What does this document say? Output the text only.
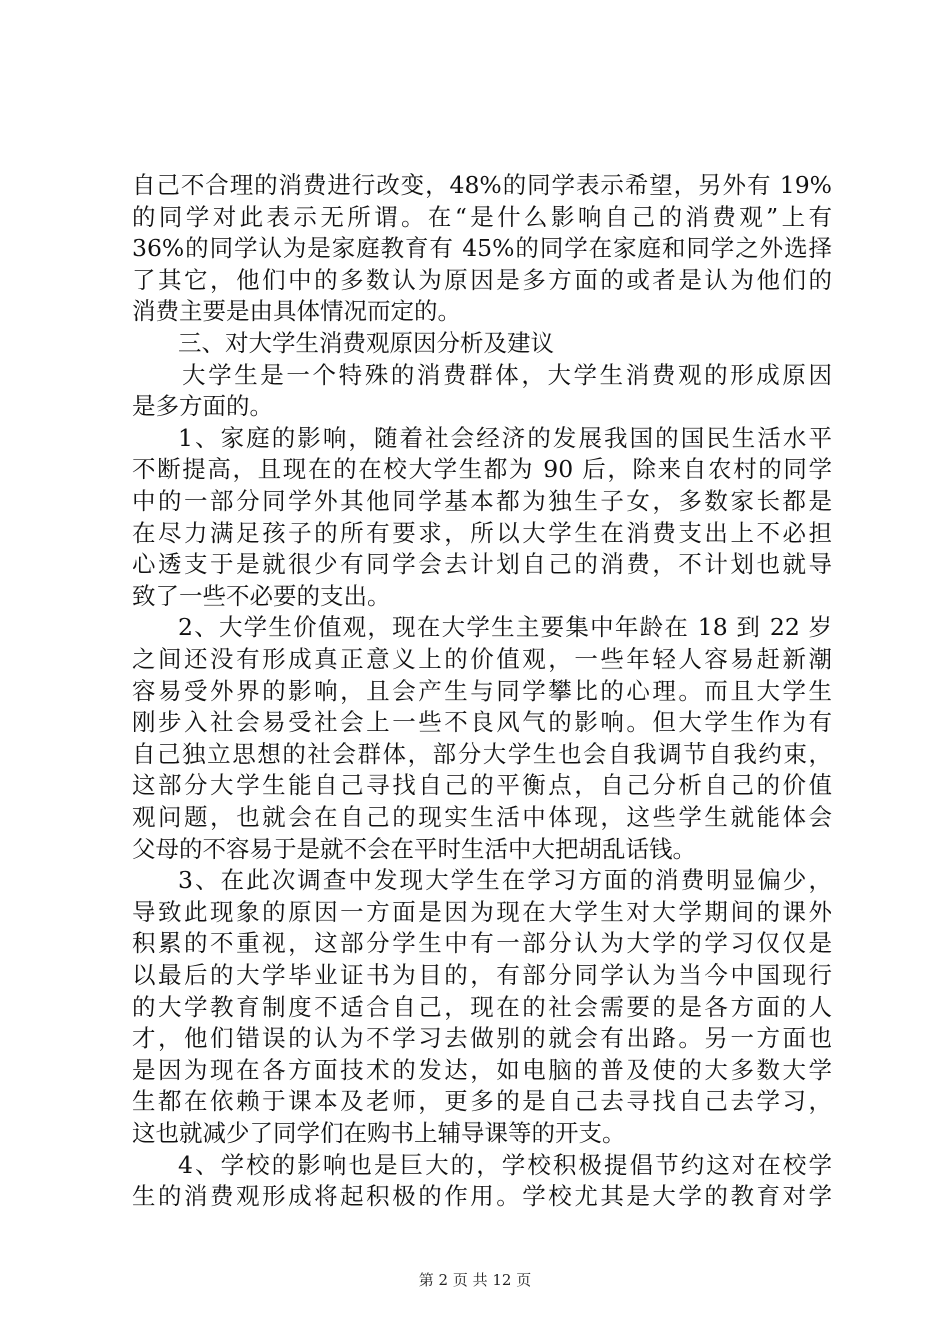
自己不合理的消费进行改变，48%的同学表示希望，另外有 19%
的同学对此表示无所谓。在“是什么影响自己的消费观”上有
36%的同学认为是家庭教育有 45%的同学在家庭和同学之外选择
了其它，他们中的多数认为原因是多方面的或者是认为他们的
消费主要是由具体情况而定的。
三、对大学生消费观原因分析及建议
大学生是一个特殊的消费群体，大学生消费观的形成原因
是多方面的。
1、家庭的影响，随着社会经济的发展我国的国民生活水平
不断提高，且现在的在校大学生都为 90 后，除来自农村的同学
中的一部分同学外其他同学基本都为独生子女，多数家长都是
在尽力满足孩子的所有要求，所以大学生在消费支出上不必担
心透支于是就很少有同学会去计划自己的消费，不计划也就导
致了一些不必要的支出。
2、大学生价值观，现在大学生主要集中年龄在 18 到 22 岁
之间还没有形成真正意义上的价值观，一些年轻人容易赶新潮
容易受外界的影响，且会产生与同学攀比的心理。而且大学生
刚步入社会易受社会上一些不良风气的影响。但大学生作为有
自己独立思想的社会群体，部分大学生也会自我调节自我约束，
这部分大学生能自己寻找自己的平衡点，自己分析自己的价值
观问题，也就会在自己的现实生活中体现，这些学生就能体会
父母的不容易于是就不会在平时生活中大把胡乱话钱。
3、在此次调查中发现大学生在学习方面的消费明显偏少，
导致此现象的原因一方面是因为现在大学生对大学期间的课外
积累的不重视，这部分学生中有一部分认为大学的学习仅仅是
以最后的大学毕业证书为目的，有部分同学认为当今中国现行
的大学教育制度不适合自己，现在的社会需要的是各方面的人
才，他们错误的认为不学习去做别的就会有出路。另一方面也
是因为现在各方面技术的发达，如电脑的普及使的大多数大学
生都在依赖于课本及老师，更多的是自己去寻找自己去学习，
这也就减少了同学们在购书上辅导课等的开支。
4、学校的影响也是巨大的，学校积极提倡节约这对在校学
生的消费观形成将起积极的作用。学校尤其是大学的教育对学
第 2 页 共 12 页
